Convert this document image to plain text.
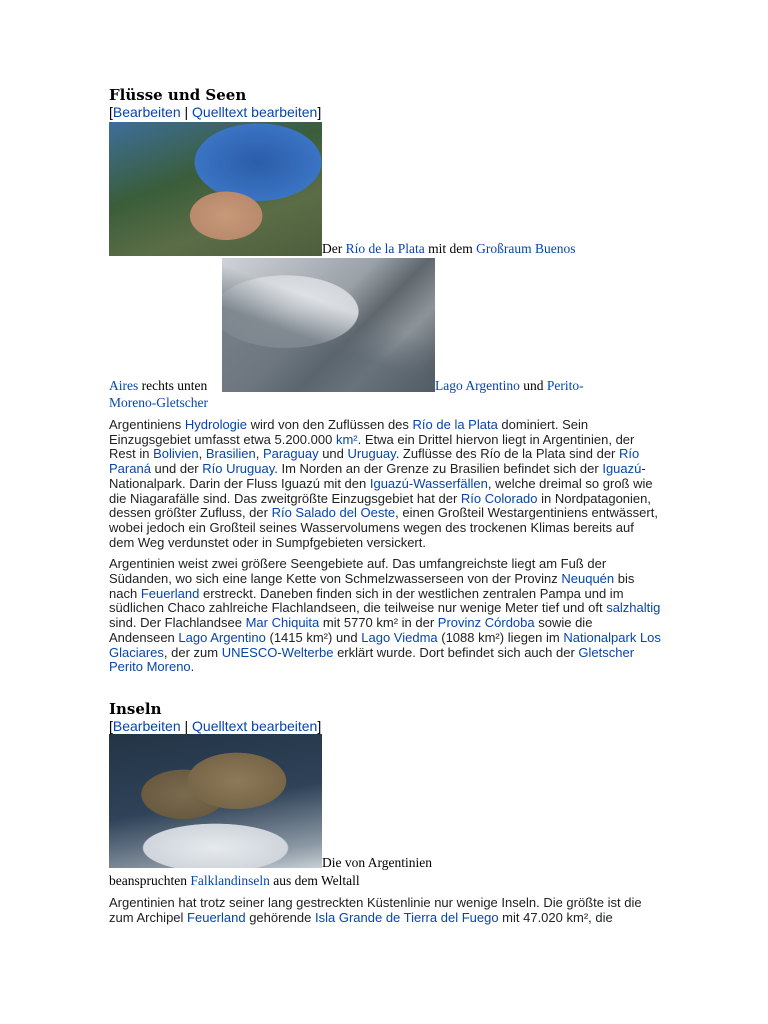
Flüsse und Seen
[Bearbeiten | Quelltext bearbeiten]
Der Río de la Plata mit dem Großraum Buenos
Aires rechts unten	Lago Argentino und Perito-
Moreno-Gletscher

Argentiniens Hydrologie wird von den Zuflüssen des Río de la Plata dominiert. Sein Einzugsgebiet umfasst etwa 5.200.000 km². Etwa ein Drittel hiervon liegt in Argentinien, der Rest in Bolivien, Brasilien, Paraguay und Uruguay. Zuflüsse des Río de la Plata sind der Río Paraná und der Río Uruguay. Im Norden an der Grenze zu Brasilien befindet sich der Iguazú-Nationalpark. Darin der Fluss Iguazú mit den Iguazú-Wasserfällen, welche dreimal so groß wie die Niagarafälle sind. Das zweitgrößte Einzugsgebiet hat der Río Colorado in Nordpatagonien, dessen größter Zufluss, der Río Salado del Oeste, einen Großteil Westargentiniens entwässert, wobei jedoch ein Großteil seines Wasservolumens wegen des trockenen Klimas bereits auf dem Weg verdunstet oder in Sumpfgebieten versickert.

Argentinien weist zwei größere Seengebiete auf. Das umfangreichste liegt am Fuß der Südanden, wo sich eine lange Kette von Schmelzwasserseen von der Provinz Neuquén bis nach Feuerland erstreckt. Daneben finden sich in der westlichen zentralen Pampa und im südlichen Chaco zahlreiche Flachlandseen, die teilweise nur wenige Meter tief und oft salzhaltig sind. Der Flachlandsee Mar Chiquita mit 5770 km² in der Provinz Córdoba sowie die Andenseen Lago Argentino (1415 km²) und Lago Viedma (1088 km²) liegen im Nationalpark Los Glaciares, der zum UNESCO-Welterbe erklärt wurde. Dort befindet sich auch der Gletscher Perito Moreno.

Inseln
[Bearbeiten | Quelltext bearbeiten]
Die von Argentinien
beanspruchten Falklandinseln aus dem Weltall

Argentinien hat trotz seiner lang gestreckten Küstenlinie nur wenige Inseln. Die größte ist die zum Archipel Feuerland gehörende Isla Grande de Tierra del Fuego mit 47.020 km², die
